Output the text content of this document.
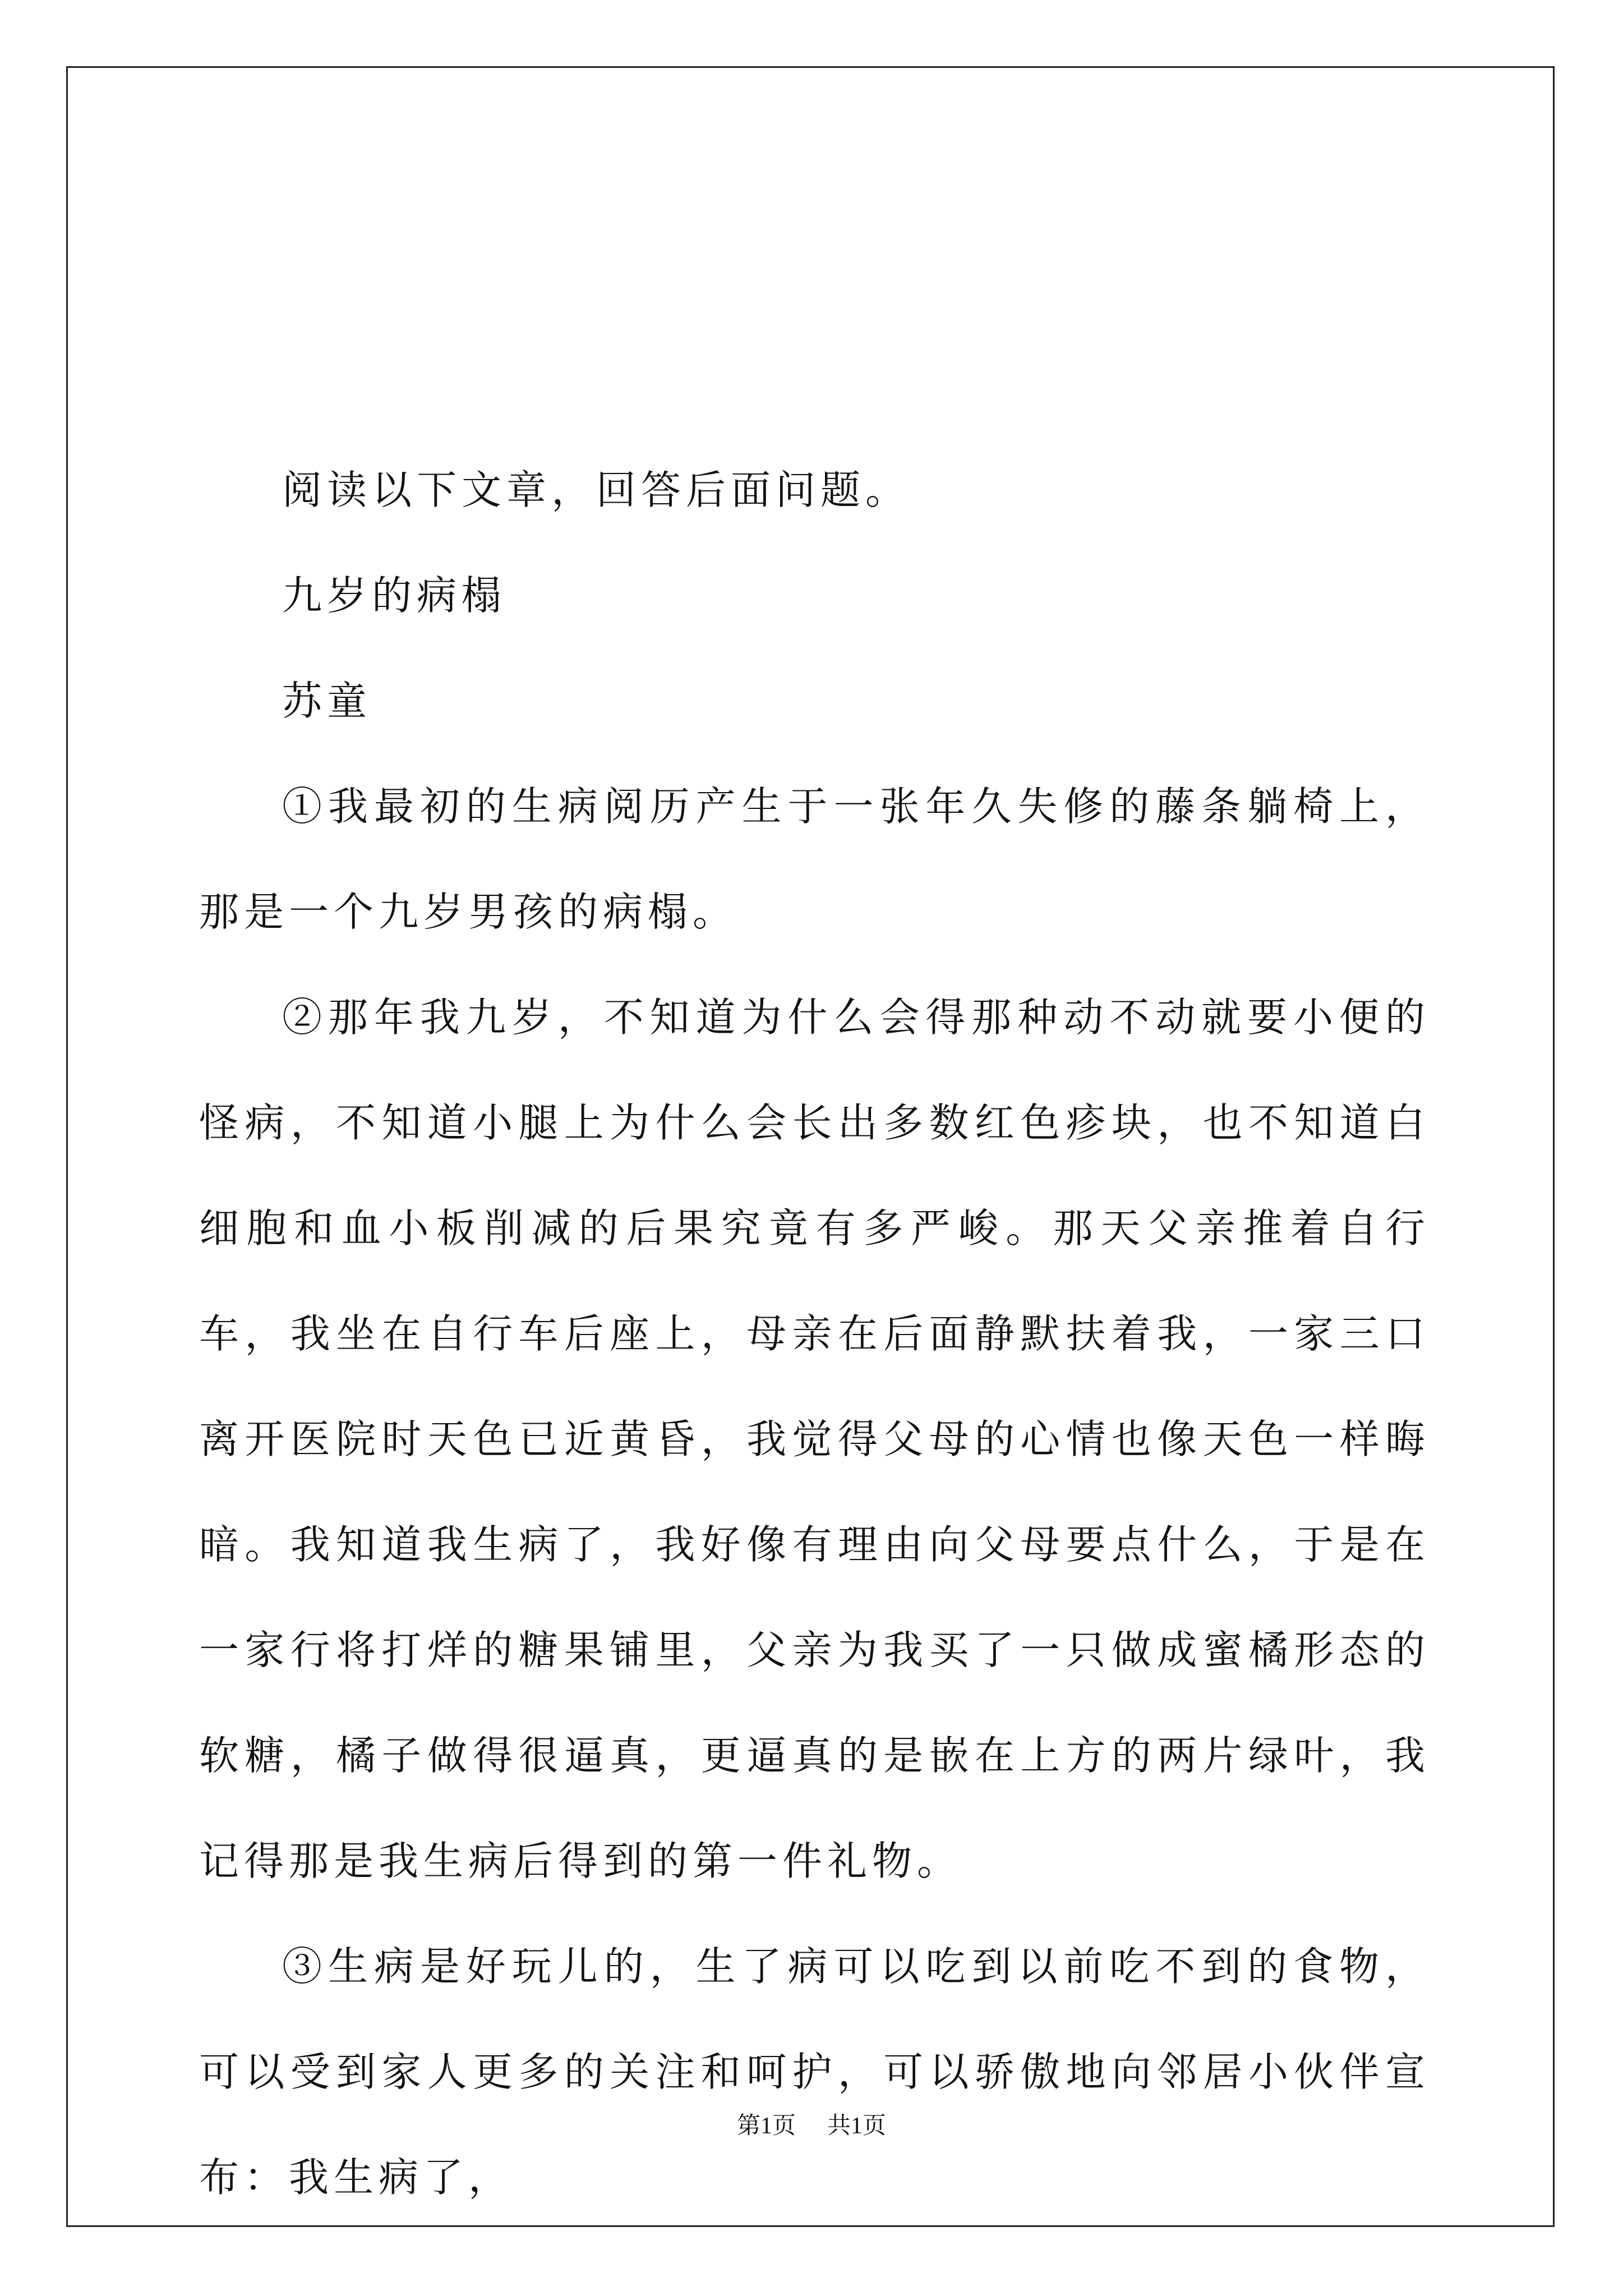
阅读以下文章，回答后面问题。

九岁的病榻

苏童

①我最初的生病阅历产生于一张年久失修的藤条躺椅上，那是一个九岁男孩的病榻。

②那年我九岁，不知道为什么会得那种动不动就要小便的怪病，不知道小腿上为什么会长出多数红色疹块，也不知道白细胞和血小板削减的后果究竟有多严峻。那天父亲推着自行车，我坐在自行车后座上，母亲在后面静默扶着我，一家三口离开医院时天色已近黄昏，我觉得父母的心情也像天色一样晦暗。我知道我生病了，我好像有理由向父母要点什么，于是在一家行将打烊的糖果铺里，父亲为我买了一只做成蜜橘形态的软糖，橘子做得很逼真，更逼真的是嵌在上方的两片绿叶，我记得那是我生病后得到的第一件礼物。

③生病是好玩儿的，生了病可以吃到以前吃不到的食物，可以受到家人更多的关注和呵护，可以骄傲地向邻居小伙伴宣布：我生病了，

第1页 共1页
